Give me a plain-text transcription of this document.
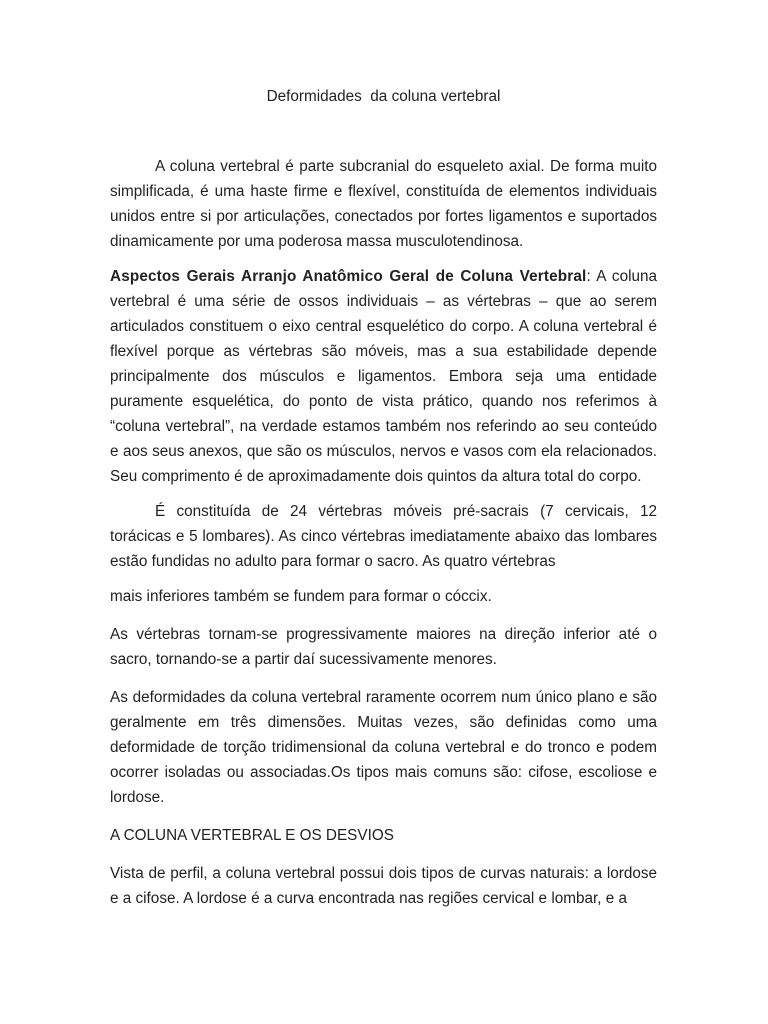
Deformidades  da coluna vertebral

A coluna vertebral é parte subcranial do esqueleto axial. De forma muito simplificada, é uma haste firme e flexível, constituída de elementos individuais unidos entre si por articulações, conectados por fortes ligamentos e suportados dinamicamente por uma poderosa massa musculotendinosa.

Aspectos Gerais Arranjo Anatômico Geral de Coluna Vertebral: A coluna vertebral é uma série de ossos individuais – as vértebras – que ao serem articulados constituem o eixo central esquelético do corpo. A coluna vertebral é flexível porque as vértebras são móveis, mas a sua estabilidade depende principalmente dos músculos e ligamentos. Embora seja uma entidade puramente esquelética, do ponto de vista prático, quando nos referimos à “coluna vertebral”, na verdade estamos também nos referindo ao seu conteúdo e aos seus anexos, que são os músculos, nervos e vasos com ela relacionados. Seu comprimento é de aproximadamente dois quintos da altura total do corpo.

É constituída de 24 vértebras móveis pré-sacrais (7 cervicais, 12 torácicas e 5 lombares). As cinco vértebras imediatamente abaixo das lombares estão fundidas no adulto para formar o sacro. As quatro vértebras

mais inferiores também se fundem para formar o cóccix.

As vértebras tornam-se progressivamente maiores na direção inferior até o sacro, tornando-se a partir daí sucessivamente menores.

As deformidades da coluna vertebral raramente ocorrem num único plano e são geralmente em três dimensões. Muitas vezes, são definidas como uma deformidade de torção tridimensional da coluna vertebral e do tronco e podem ocorrer isoladas ou associadas.Os tipos mais comuns são: cifose, escoliose e lordose.

A COLUNA VERTEBRAL E OS DESVIOS

Vista de perfil, a coluna vertebral possui dois tipos de curvas naturais: a lordose e a cifose. A lordose é a curva encontrada nas regiões cervical e lombar, e a
